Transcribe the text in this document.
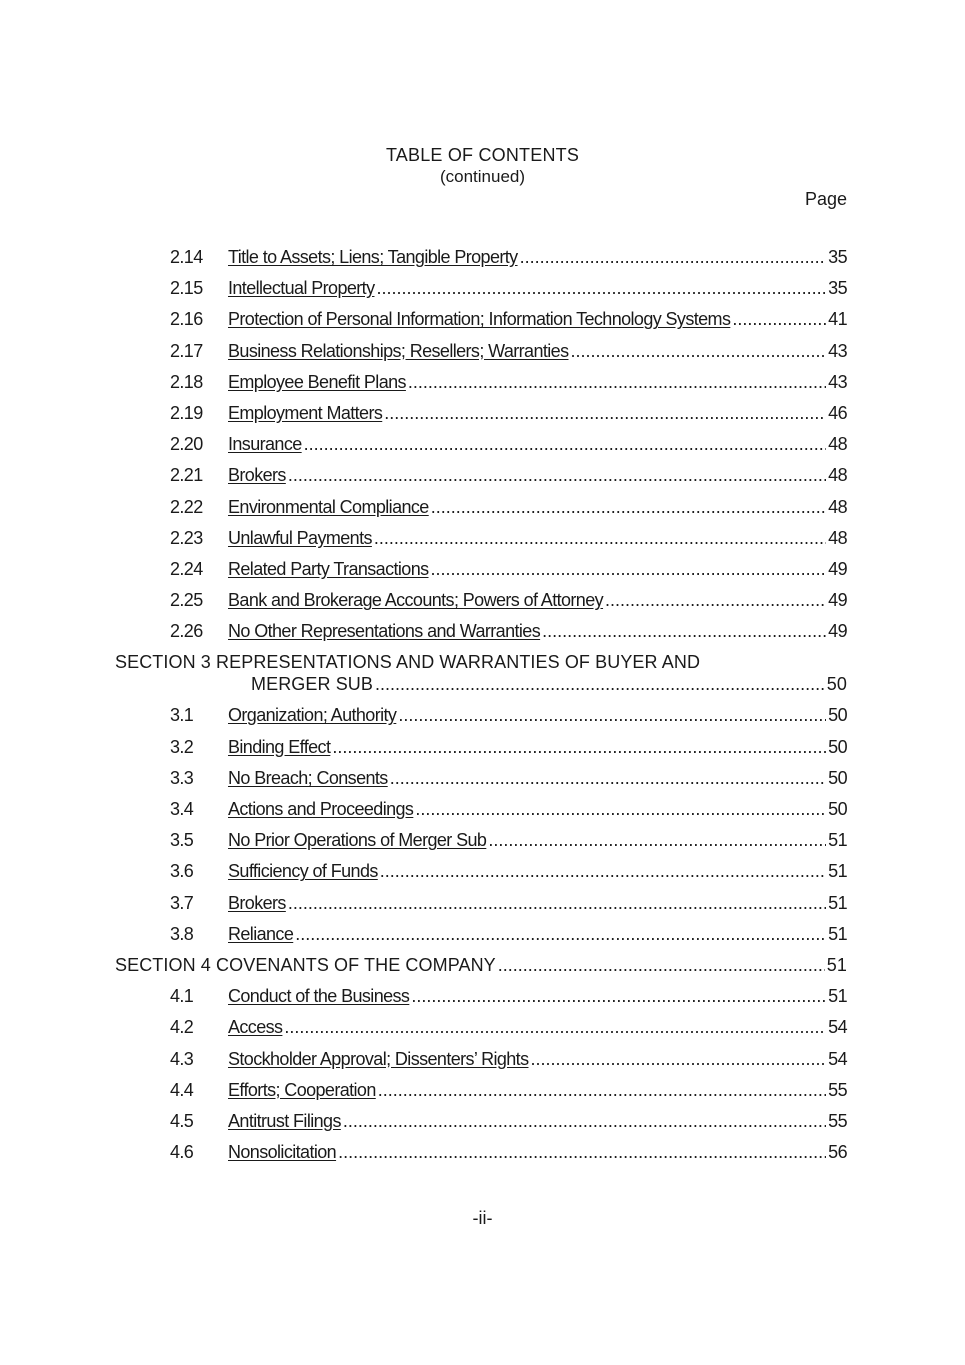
TABLE OF CONTENTS
(continued)
Page
2.14 Title to Assets; Liens; Tangible Property .....	35
2.15 Intellectual Property .....	35
2.16 Protection of Personal Information; Information Technology Systems .....	41
2.17 Business Relationships; Resellers; Warranties .....	43
2.18 Employee Benefit Plans .....	43
2.19 Employment Matters .....	46
2.20 Insurance .....	48
2.21 Brokers .....	48
2.22 Environmental Compliance .....	48
2.23 Unlawful Payments .....	48
2.24 Related Party Transactions .....	49
2.25 Bank and Brokerage Accounts; Powers of Attorney .....	49
2.26 No Other Representations and Warranties .....	49
SECTION 3 REPRESENTATIONS AND WARRANTIES OF BUYER AND
MERGER SUB .....	50
3.1 Organization; Authority .....	50
3.2 Binding Effect .....	50
3.3 No Breach; Consents .....	50
3.4 Actions and Proceedings .....	50
3.5 No Prior Operations of Merger Sub .....	51
3.6 Sufficiency of Funds .....	51
3.7 Brokers .....	51
3.8 Reliance .....	51
SECTION 4 COVENANTS OF THE COMPANY .....	51
4.1 Conduct of the Business .....	51
4.2 Access .....	54
4.3 Stockholder Approval; Dissenters’ Rights .....	54
4.4 Efforts; Cooperation .....	55
4.5 Antitrust Filings .....	55
4.6 Nonsolicitation .....	56
-ii-
